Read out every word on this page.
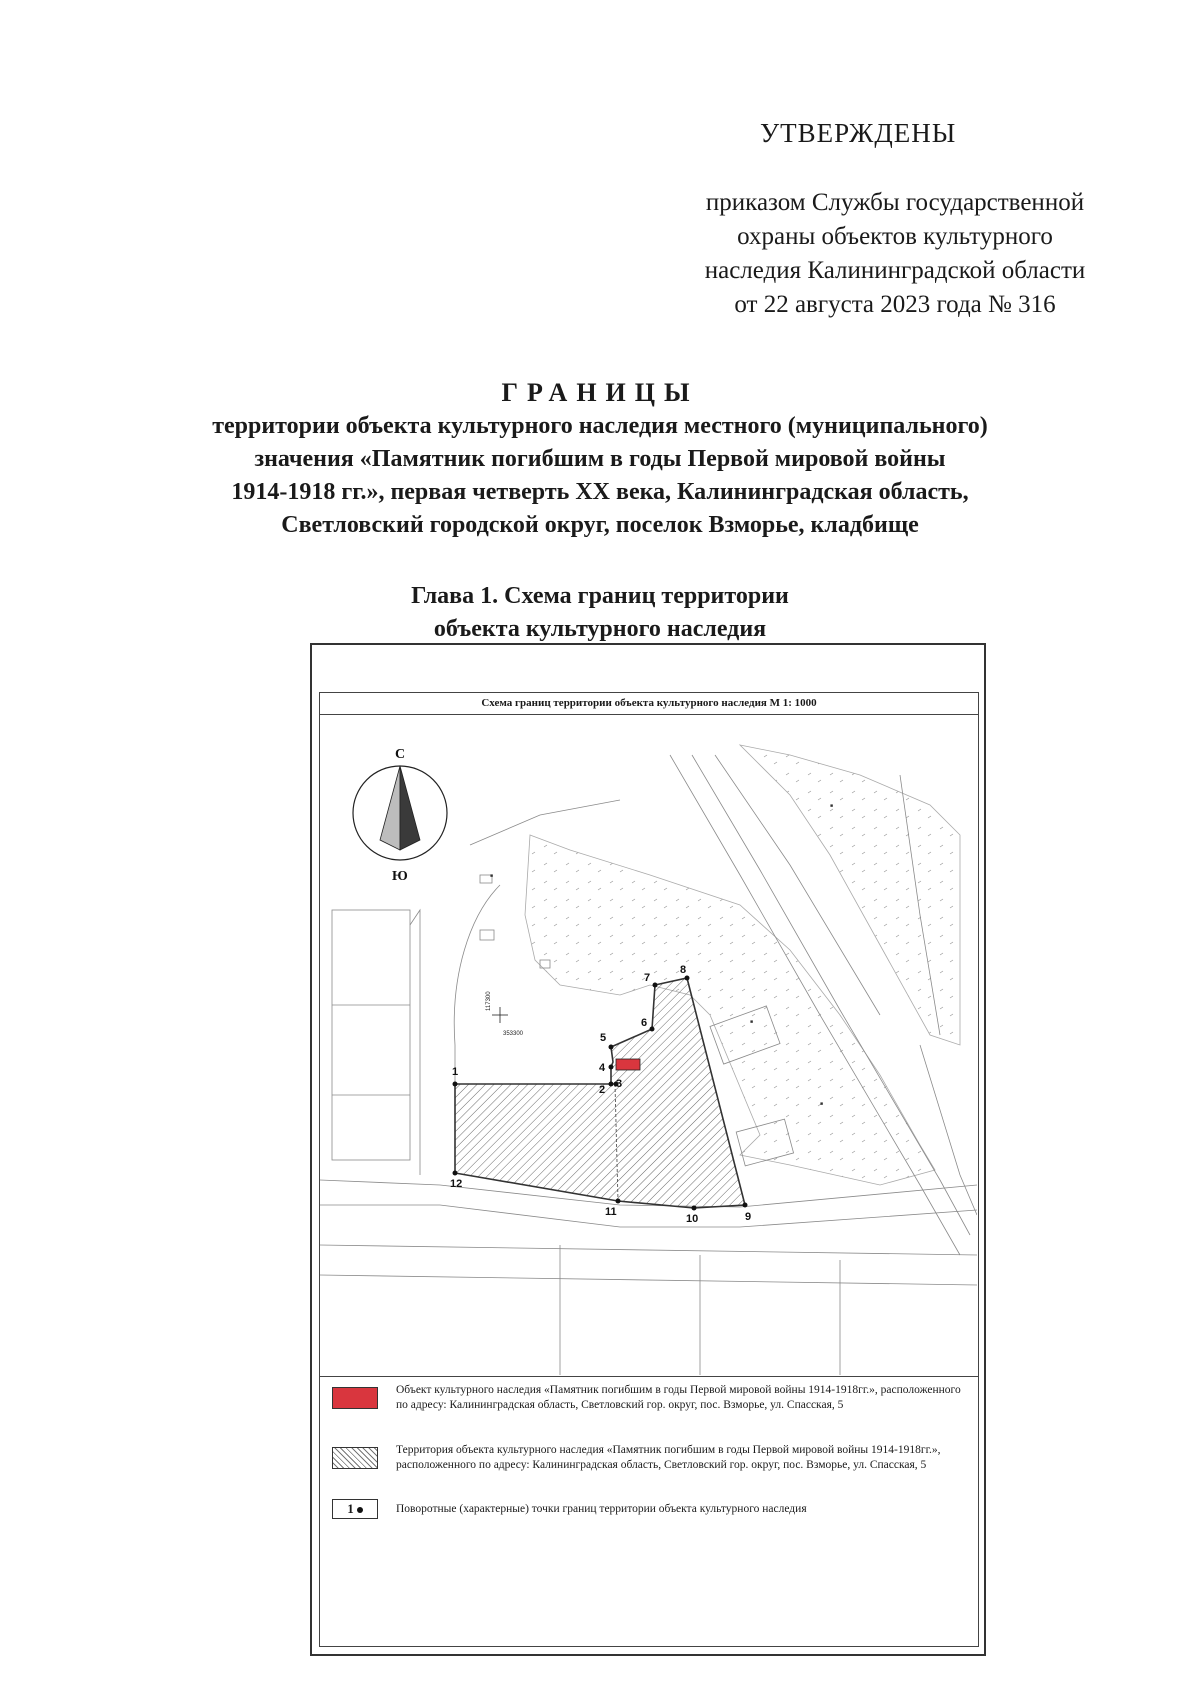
УТВЕРЖДЕНЫ
приказом Службы государственной
охраны объектов культурного
наследия Калининградской области
от 22 августа 2023 года № 316
ГРАНИЦЫ
территории объекта культурного наследия местного (муниципального)
значения «Памятник погибшим в годы Первой мировой войны
1914-1918 гг.», первая четверть XX века, Калининградская область,
Светловский городской округ, поселок Взморье, кладбище
Глава 1. Схема границ территории
объекта культурного наследия
Схема границ территории объекта культурного наследия М 1: 1000
■
■
■
■
117300
353300
С
Ю
1
2 3
4
5
6
7
8
9
10
11
12
Объект культурного наследия «Памятник погибшим в годы Первой мировой войны 1914-1918гг.», расположенного по адресу: Калининградская область, Светловский гор. округ, пос. Взморье, ул. Спасская, 5
Территория объекта культурного наследия «Памятник погибшим в годы Первой мировой войны 1914-1918гг.», расположенного по адресу: Калининградская область, Светловский гор. округ, пос. Взморье, ул. Спасская, 5
1	Поворотные (характерные) точки границ территории объекта культурного наследия
